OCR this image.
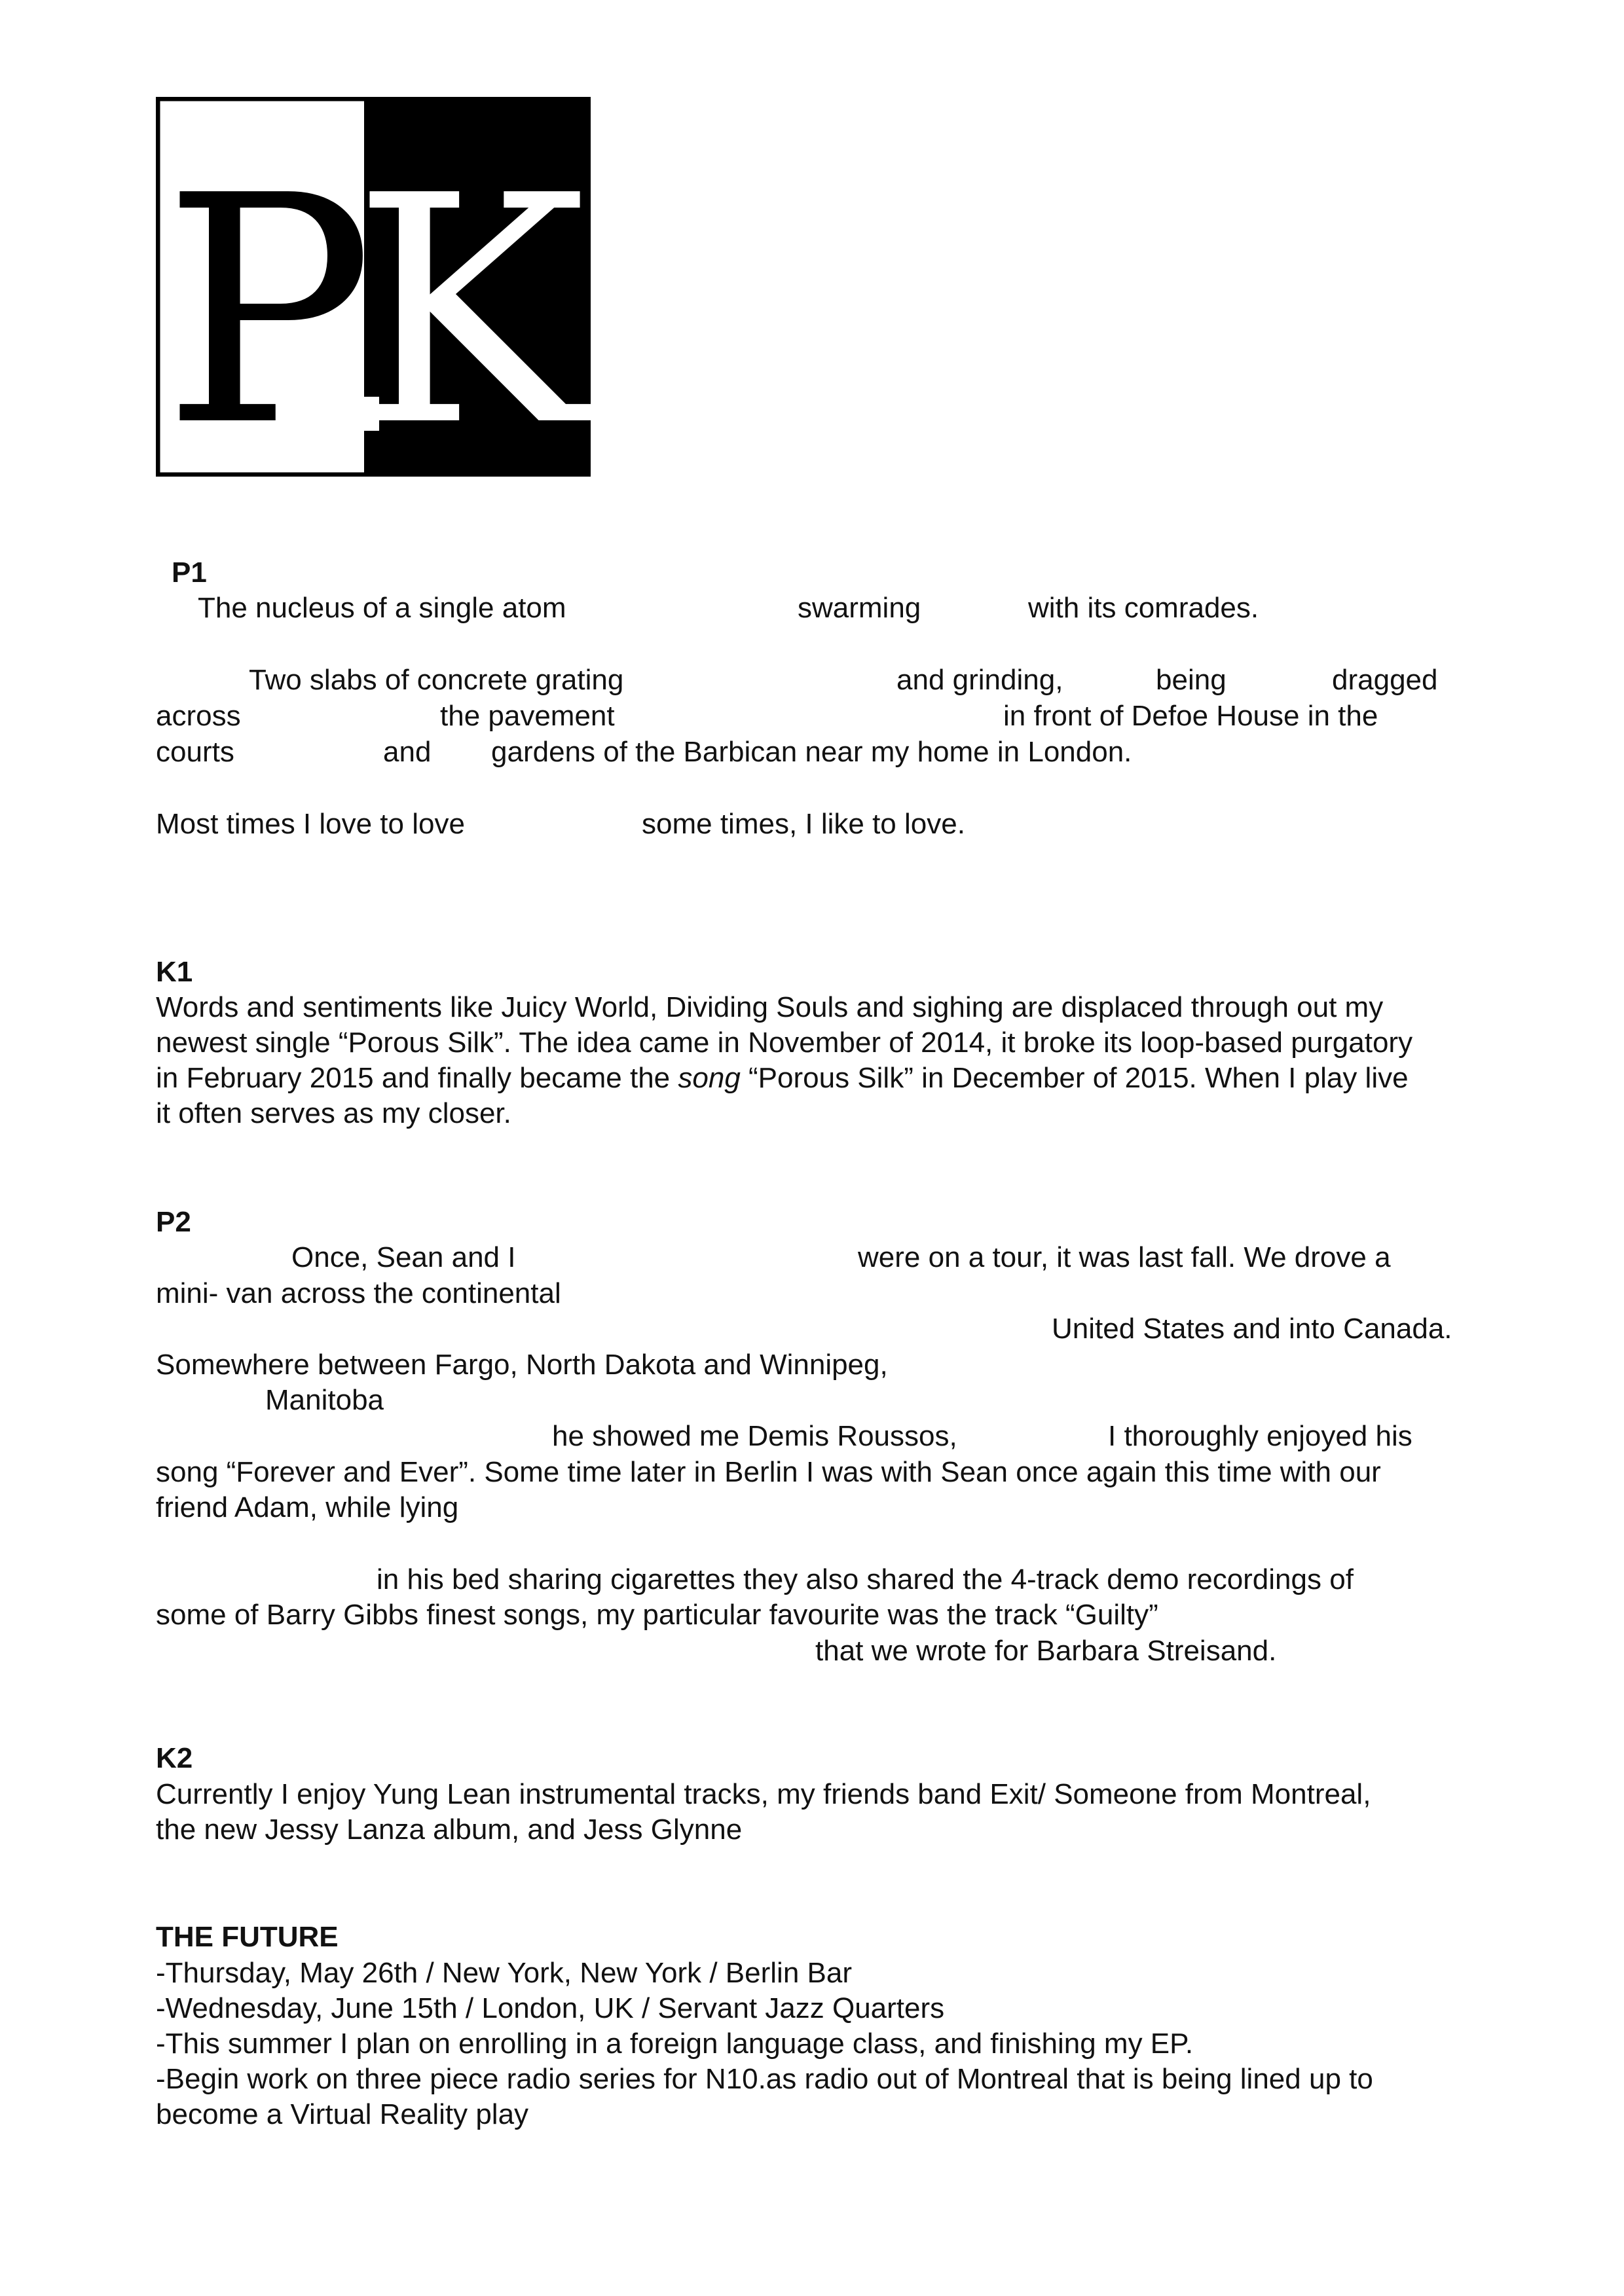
P
K
P1
The nucleus of a single atom	swarming	with its comrades.
Two slabs of concrete grating	and grinding,	being	dragged
across	the pavement	in front of Defoe House in the
courts	and gardens of the Barbican near my home in London.
Most times I love to love	some times, I like to love.
K1

Words and sentiments like Juicy World, Dividing Souls and sighing are displaced through out my

newest single “Porous Silk”. The idea came in November of 2014, it broke its loop-based purgatory

in February 2015 and finally became the song “Porous Silk” in December of 2015. When I play live

it often serves as my closer.

P2
Once, Sean and I	were on a tour, it was last fall. We drove a
mini- van across the continental
United States and into Canada.
Somewhere between Fargo, North Dakota and Winnipeg,
Manitoba
he showed me Demis Roussos,	I thoroughly enjoyed his
song “Forever and Ever”. Some time later in Berlin I was with Sean once again this time with our
friend Adam, while lying
in his bed sharing cigarettes they also shared the 4-track demo recordings of
some of Barry Gibbs finest songs, my particular favourite was the track “Guilty”
that we wrote for Barbara Streisand.
K2

Currently I enjoy Yung Lean instrumental tracks, my friends band Exit/ Someone from Montreal,

the new Jessy Lanza album, and Jess Glynne

THE FUTURE

-Thursday, May 26th / New York, New York / Berlin Bar

-Wednesday, June 15th / London, UK / Servant Jazz Quarters

-This summer I plan on enrolling in a foreign language class, and finishing my EP.

-Begin work on three piece radio series for N10.as radio out of Montreal that is being lined up to

become a Virtual Reality play
